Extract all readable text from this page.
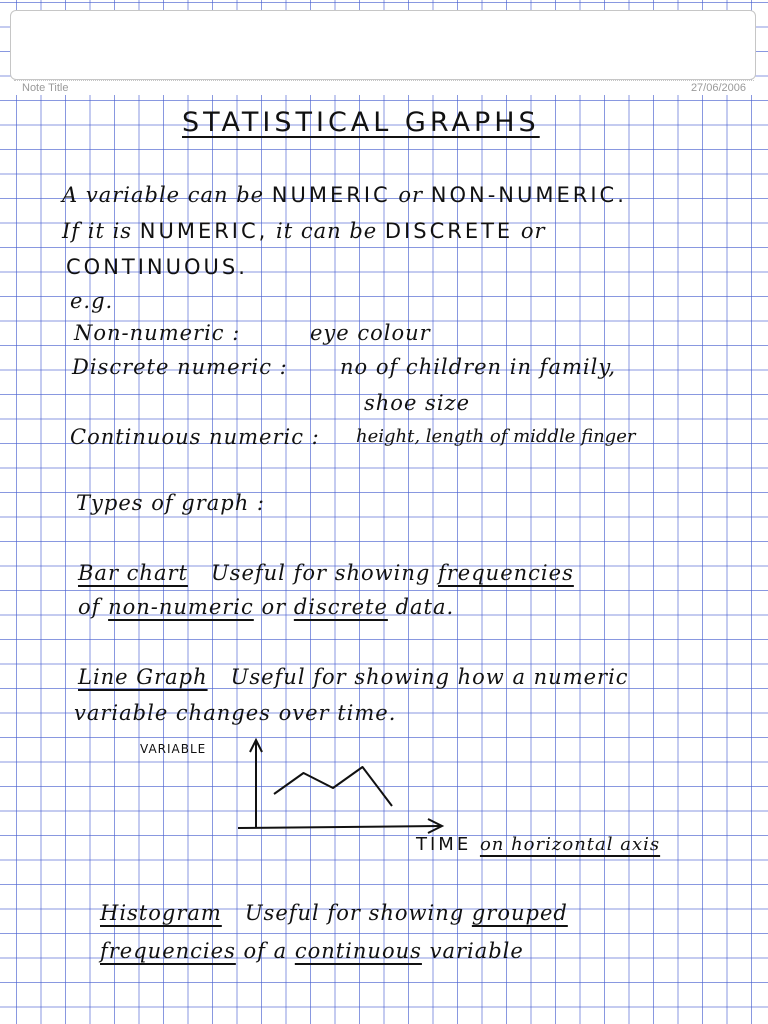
Note Title	27/06/2006
STATISTICAL GRAPHS
A variable can be NUMERIC or NON-NUMERIC.
If it is NUMERIC, it can be DISCRETE or
CONTINUOUS.
e.g.
Non-numeric :	eye colour
Discrete numeric : no of children in family,
shoe size
Continuous numeric : height, length of middle finger
Types of graph :
Bar chart Useful for showing frequencies
of non-numeric or discrete data.
Line Graph Useful for showing how a numeric
variable changes over time.
VARIABLE
TIME on horizontal axis
Histogram Useful for showing grouped
frequencies of a continuous variable
